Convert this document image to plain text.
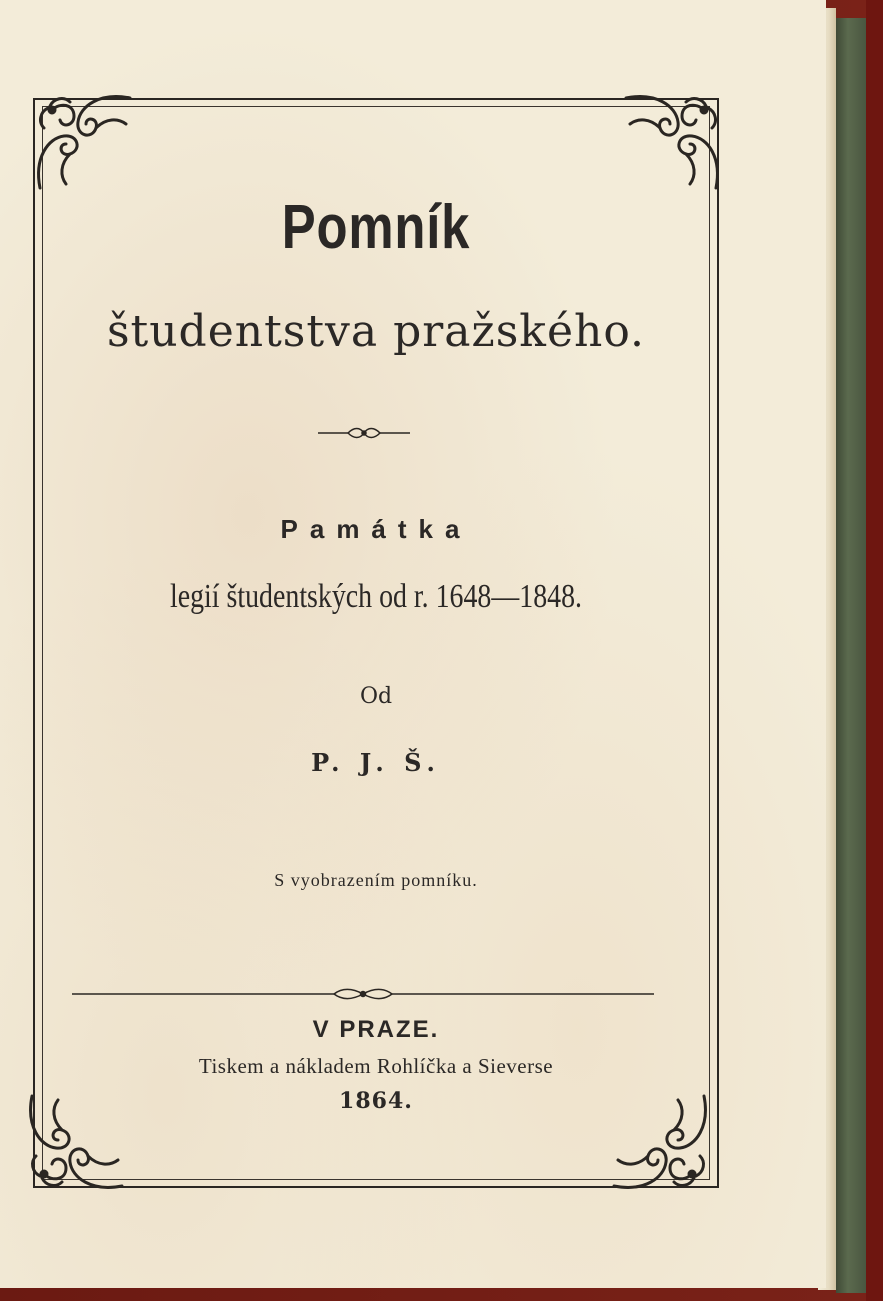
Pomník
študentstva pražského.
Památka
legií študentských od r. 1648—1848.
Od
P. J. Š.
S vyobrazením pomníku.
V PRAZE.
Tiskem a nákladem Rohlíčka a Sieverse
1864.
